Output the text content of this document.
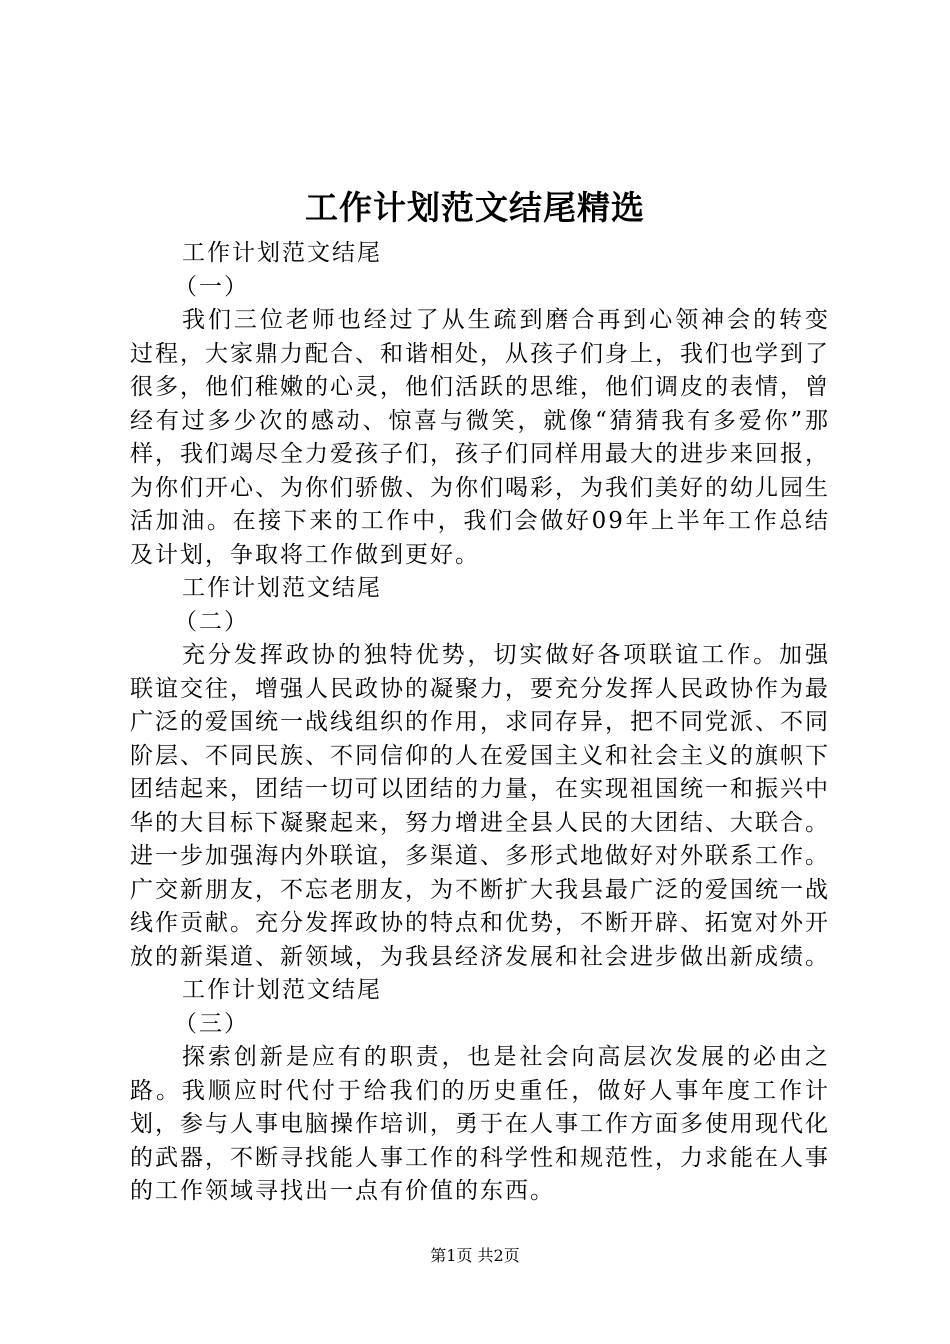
工作计划范文结尾精选

工作计划范文结尾

（一）

我们三位老师也经过了从生疏到磨合再到心领神会的转变过程，大家鼎力配合、和谐相处，从孩子们身上，我们也学到了很多，他们稚嫩的心灵，他们活跃的思维，他们调皮的表情，曾经有过多少次的感动、惊喜与微笑，就像“猜猜我有多爱你”那样，我们竭尽全力爱孩子们，孩子们同样用最大的进步来回报，为你们开心、为你们骄傲、为你们喝彩，为我们美好的幼儿园生活加油。在接下来的工作中，我们会做好09年上半年工作总结及计划，争取将工作做到更好。

工作计划范文结尾

（二）

充分发挥政协的独特优势，切实做好各项联谊工作。加强联谊交往，增强人民政协的凝聚力，要充分发挥人民政协作为最广泛的爱国统一战线组织的作用，求同存异，把不同党派、不同阶层、不同民族、不同信仰的人在爱国主义和社会主义的旗帜下团结起来，团结一切可以团结的力量，在实现祖国统一和振兴中华的大目标下凝聚起来，努力增进全县人民的大团结、大联合。进一步加强海内外联谊，多渠道、多形式地做好对外联系工作。广交新朋友，不忘老朋友，为不断扩大我县最广泛的爱国统一战线作贡献。充分发挥政协的特点和优势，不断开辟、拓宽对外开放的新渠道、新领域，为我县经济发展和社会进步做出新成绩。

工作计划范文结尾

（三）

探索创新是应有的职责，也是社会向高层次发展的必由之路。我顺应时代付于给我们的历史重任，做好人事年度工作计划，参与人事电脑操作培训，勇于在人事工作方面多使用现代化的武器，不断寻找能人事工作的科学性和规范性，力求能在人事的工作领域寻找出一点有价值的东西。

第1页 共2页
